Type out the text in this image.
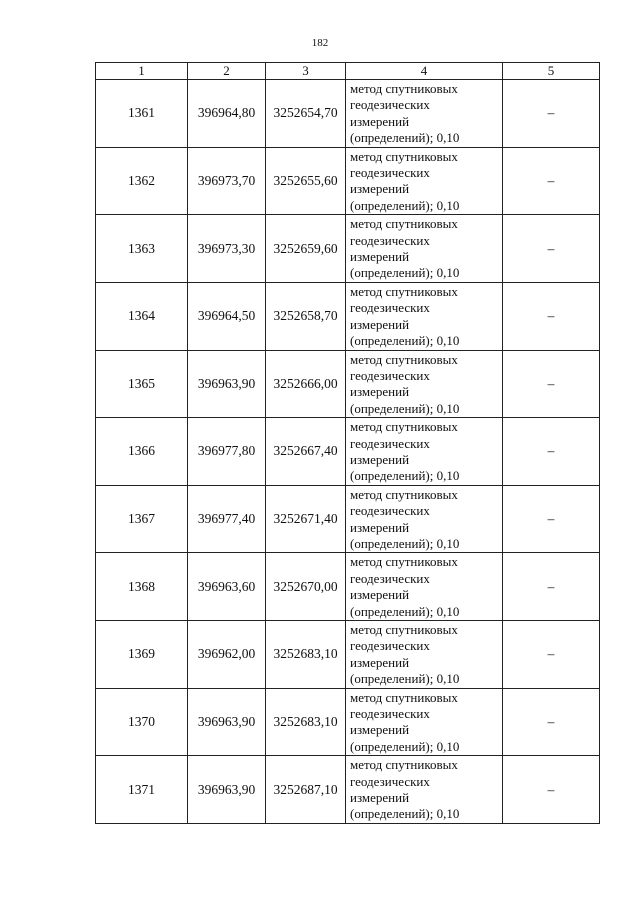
182
1	2	3	4	5
1361	396964,80	3252654,70	метод спутниковых
геодезических
измерений
(определений); 0,10	–
1362	396973,70	3252655,60	метод спутниковых
геодезических
измерений
(определений); 0,10	–
1363	396973,30	3252659,60	метод спутниковых
геодезических
измерений
(определений); 0,10	–
1364	396964,50	3252658,70	метод спутниковых
геодезических
измерений
(определений); 0,10	–
1365	396963,90	3252666,00	метод спутниковых
геодезических
измерений
(определений); 0,10	–
1366	396977,80	3252667,40	метод спутниковых
геодезических
измерений
(определений); 0,10	–
1367	396977,40	3252671,40	метод спутниковых
геодезических
измерений
(определений); 0,10	–
1368	396963,60	3252670,00	метод спутниковых
геодезических
измерений
(определений); 0,10	–
1369	396962,00	3252683,10	метод спутниковых
геодезических
измерений
(определений); 0,10	–
1370	396963,90	3252683,10	метод спутниковых
геодезических
измерений
(определений); 0,10	–
1371	396963,90	3252687,10	метод спутниковых
геодезических
измерений
(определений); 0,10	–
